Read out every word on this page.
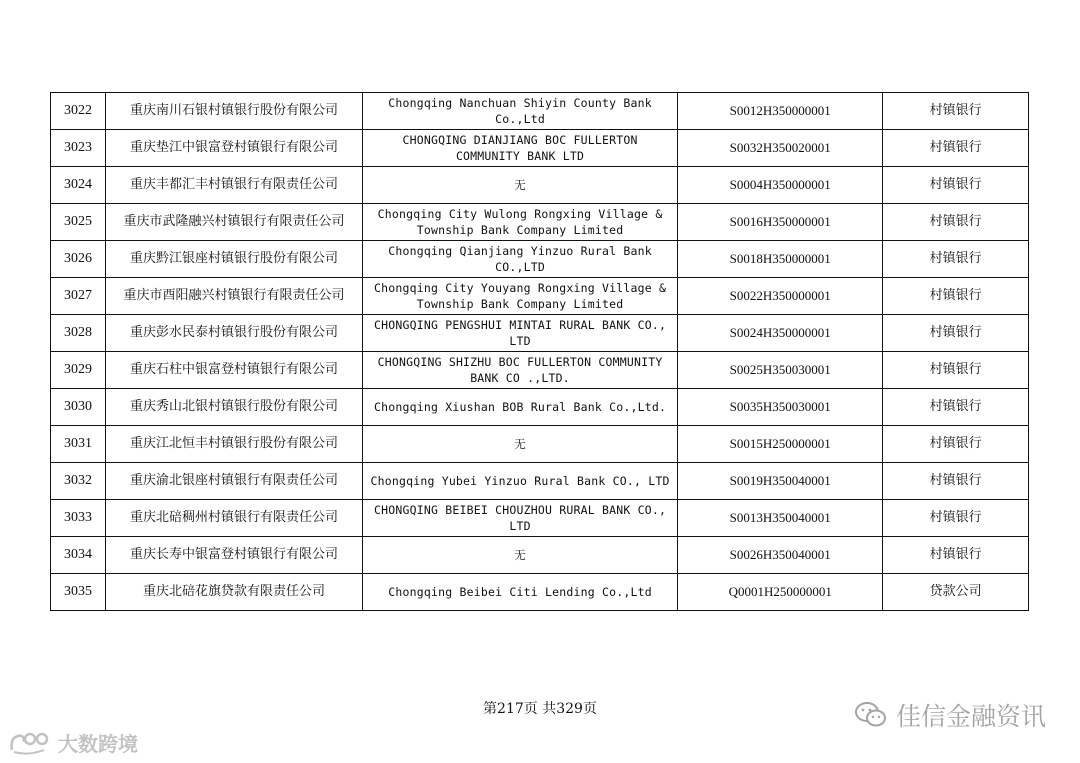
3022	重庆南川石银村镇银行股份有限公司	Chongqing Nanchuan Shiyin County Bank Co.,Ltd	S0012H350000001	村镇银行
3023	重庆垫江中银富登村镇银行有限公司	CHONGQING DIANJIANG BOC FULLERTON COMMUNITY BANK LTD	S0032H350020001	村镇银行
3024	重庆丰都汇丰村镇银行有限责任公司	无	S0004H350000001	村镇银行
3025	重庆市武隆融兴村镇银行有限责任公司	Chongqing City Wulong Rongxing Village & Township Bank Company Limited	S0016H350000001	村镇银行
3026	重庆黔江银座村镇银行股份有限公司	Chongqing Qianjiang Yinzuo Rural Bank CO.,LTD	S0018H350000001	村镇银行
3027	重庆市酉阳融兴村镇银行有限责任公司	Chongqing City Youyang Rongxing Village & Township Bank Company Limited	S0022H350000001	村镇银行
3028	重庆彭水民泰村镇银行股份有限公司	CHONGQING PENGSHUI MINTAI RURAL BANK CO., LTD	S0024H350000001	村镇银行
3029	重庆石柱中银富登村镇银行有限公司	CHONGQING SHIZHU BOC FULLERTON COMMUNITY BANK CO .,LTD.	S0025H350030001	村镇银行
3030	重庆秀山北银村镇银行股份有限公司	Chongqing Xiushan BOB Rural Bank Co.,Ltd.	S0035H350030001	村镇银行
3031	重庆江北恒丰村镇银行股份有限公司	无	S0015H250000001	村镇银行
3032	重庆渝北银座村镇银行有限责任公司	Chongqing Yubei Yinzuo Rural Bank CO., LTD	S0019H350040001	村镇银行
3033	重庆北碚稠州村镇银行有限责任公司	CHONGQING BEIBEI CHOUZHOU RURAL BANK CO., LTD	S0013H350040001	村镇银行
3034	重庆长寿中银富登村镇银行有限公司	无	S0026H350040001	村镇银行
3035	重庆北碚花旗贷款有限责任公司	Chongqing Beibei Citi Lending Co.,Ltd	Q0001H250000001	贷款公司
第217页 共329页	佳信金融资讯
大数跨境
